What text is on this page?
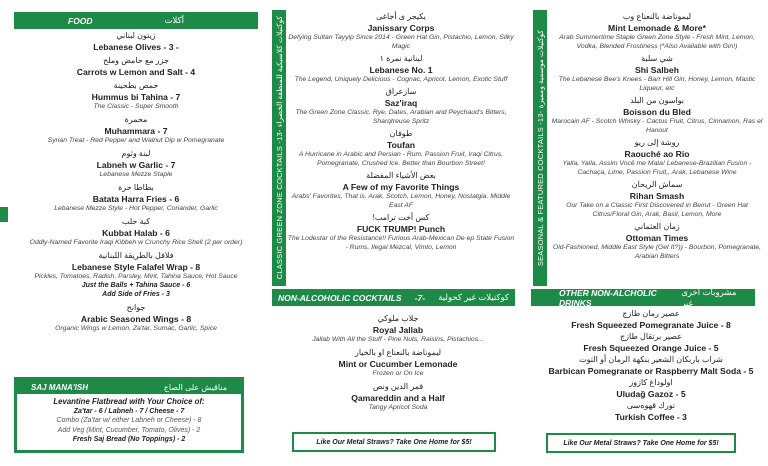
FOOD	أكلات
زيتون لبناني
Lebanese Olives - 3 -
جزر مع حامض وملح
Carrots w Lemon and Salt - 4
حمص بطحينة
Hummus bi Tahina - 7
The Classic - Super Smooth
محمرة
Muhammara - 7
Syrian Treat - Red Pepper and Walnut Dip w Pomegranate
لبنة وثوم
Labneh w Garlic - 7
Lebanese Mezze Staple
بطاطا حرة
Batata Harra Fries - 6
Lebanese Mezze Style - Hot Pepper, Coriander, Garlic
كبة حلب
Kubbat Halab - 6
Oddly-Named Favorite Iraqi Kibbeh w Crunchy Rice Shell (2 per order)
فلافل بالطريقة اللبنانية
Lebanese Style Falafel Wrap - 8
Pickles, Tomatoes, Radish, Parsley, Mint, Tahina Sauce, Hot Sauce
Just the Balls + Tahina Sauce - 6
Add Side of Fries - 3
جوانح
Arabic Seasoned Wings - 8
Organic Wings w Lemon, Za'tar, Sumac, Garlic, Spice
SAJ MANA'ISH	مناقيش على الصاج
Levantine Flatbread with Your Choice of:
Za'tar - 6 / Labneh - 7 / Cheese - 7
Combo (Za'tar w/ either Labneh or Cheese) - 8
Add Veg (Mint, Cucumber, Tomato, Olives) - 2
Fresh Saj Bread (No Toppings) - 2
CLASSIC GREEN ZONE COCKTAILS -13- كوكتيلات كلاسيكية للمنطقة الخضراء	يكيجر ى أجاغى
Janissary Corps
Defying Sultan Tayyip Since 2014 - Green Hat Gin, Pistachio, Lemon, Silky Magic
لبنانية نمرة ١
Lebanese No. 1
The Legend, Uniquely Delicious - Cognac, Apricot, Lemon, Exotic Stuff
سازعراق
Saz'iraq
The Green Zone Classic. Rye, Dates, Arabian and Peychaud's Bitters, Sharqtreuse Spritz
طوفان
Toufan
A Hurricane in Arabic and Persian - Rum, Passion Fruit, Iraqi Citrus, Pomegranate, Crushed Ice. Better than Bourbon Street!
بعض الأشياء المفضلة
A Few of my Favorite Things
Arabs' Favorites, That is. Arak, Scotch, Lemon, Honey, Nostalgia. Middle East AF
كس أخت ترامب!
FUCK TRUMP! Punch
The Lodestar of the Resistance!! Furious Arab-Mexican De ep State Fusion - Rums, Ilegal Mezcal, Vimto, Lemon
NON-ALCOHOLIC COCKTAILS -7- كوكتيلات غير كحولية
جلاب ملوكي
Royal Jallab
Jallab With All the Stuff - Pine Nuts, Raisins, Pistachios...
ليموناضة بالنعناع او بالخيار
Mint or Cucumber Lemonade
Frozen or On Ice
قمر الدين ونص
Qamareddin and a Half
Tangy Apricot Soda
Like Our Metal Straws? Take One Home for $5!
SEASONAL & FEATURED COCKTAILS -13- كوكتيلات موسمية ومميزة
ليموناضة بالنعناع وب
Mint Lemonade & More*
Arab Summertime Staple Green Zone Style - Fresh Mint, Lemon, Vodka, Blended Frostiness (*Also Available with Gin!)
شي سلبة
Shi Salbeh
The Lebanese Bee's Knees - Barr Hill Gin, Honey, Lemon, Mastic Liqueur, etc
بواسون من البلد
Boisson du Bled
Marocain AF - Scotch Whisky - Cactus Fruit, Citrus, Cinnamon, Ras el Hanout
روشة إلى ريو
Raouché ao Rio
Yalla, Yalla, Assim Você me Mata! Lebanese-Brazilian Fusion - Cachaça, Lime, Passion Fruit,, Arak, Lebanese Wine
سماش الريحان
Rihan Smash
Our Take on a Classic First Discovered in Beirut - Green Hat Citrus/Floral Gin, Arak, Basil, Lemon, More
زمان العثماني
Ottoman Times
Old-Fashioned, Middle East Style (Get It?)) - Bourbon, Pomegranate, Arabian Bitters
OTHER NON-ALCHOLIC DRINKS
مشروبات أخرى غير
عصير رمان طازج
Fresh Squeezed Pomegranate Juice - 8
عصير برتقال طازج
Fresh Squeezed Orange Juice - 5
شراب باربكان الشعير بنكهة الرمان أو التوت
Barbican Pomegranate or Raspberry Malt Soda - 5
اولوداغ كازوز
Uludağ Gazoz - 5
تورك قهوەسى
Turkish Coffee - 3
Like Our Metal Straws? Take One Home for $5!
